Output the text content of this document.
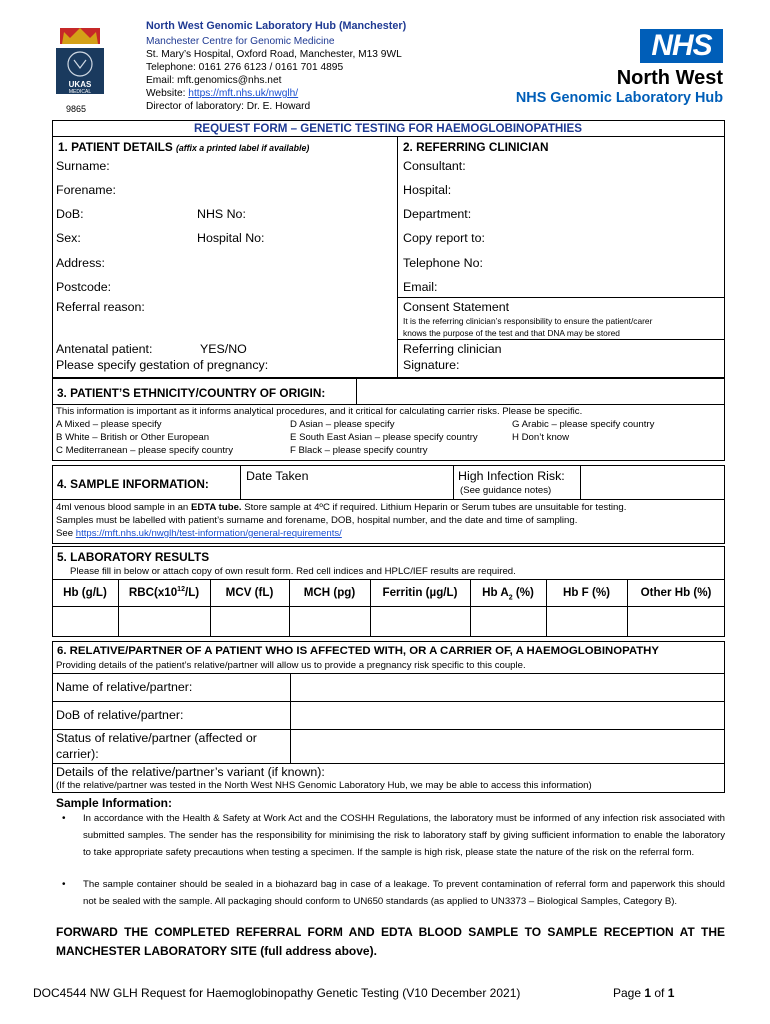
UKAS
MEDICAL
9865
North West Genomic Laboratory Hub (Manchester)
Manchester Centre for Genomic Medicine
St. Mary’s Hospital, Oxford Road, Manchester, M13 9WL
Telephone: 0161 276 6123 / 0161 701 4895
Email: mft.genomics@nhs.net
Website: https://mft.nhs.uk/nwglh/
Director of laboratory: Dr. E. Howard
NHS
North West
NHS Genomic Laboratory Hub
REQUEST FORM – GENETIC TESTING FOR HAEMOGLOBINOPATHIES
1. PATIENT DETAILS (affix a printed label if available)
Surname:
Forename:
DoB:	NHS No:
Sex:	Hospital No:
Address:
Postcode:
Referral reason:
Antenatal patient:	YES/NO
Please specify gestation of pregnancy:
2. REFERRING CLINICIAN
Consultant:
Hospital:
Department:
Copy report to:
Telephone No:
Email:
Consent Statement
It is the referring clinician’s responsibility to ensure the patient/carer
knows the purpose of the test and that DNA may be stored
Referring clinician
Signature:
3. PATIENT’S ETHNICITY/COUNTRY OF ORIGIN:
This information is important as it informs analytical procedures, and it critical for calculating carrier risks. Please be specific.
A Mixed – please specify
B White – British or Other European
C Mediterranean – please specify country
D Asian – please specify
E South East Asian – please specify country
F Black – please specify country
G Arabic – please specify country
H Don’t know
4. SAMPLE INFORMATION:
Date Taken	High Infection Risk:
(See guidance notes)
4ml venous blood sample in an EDTA tube. Store sample at 4ºC if required. Lithium Heparin or Serum tubes are unsuitable for testing.
Samples must be labelled with patient’s surname and forename, DOB, hospital number, and the date and time of sampling.
See https://mft.nhs.uk/nwglh/test-information/general-requirements/
5. LABORATORY RESULTS
Please fill in below or attach copy of own result form. Red cell indices and HPLC/IEF results are required.
Hb (g/L)	$RBC(x10^{12}/L)$	MCV (fL)	MCH (pg)	Ferritin (µg/L)	Hb $A_2$ (%)	Hb F (%)	Other Hb (%)
6. RELATIVE/PARTNER OF A PATIENT WHO IS AFFECTED WITH, OR A CARRIER OF, A HAEMOGLOBINOPATHY
Providing details of the patient’s relative/partner will allow us to provide a pregnancy risk specific to this couple.
Name of relative/partner:
DoB of relative/partner:
Status of relative/partner (affected or
carrier):
Details of the relative/partner’s variant (if known):
(If the relative/partner was tested in the North West NHS Genomic Laboratory Hub, we may be able to access this information)
Sample Information:
• In accordance with the Health & Safety at Work Act and the COSHH Regulations, the laboratory must be informed of any infection risk associated with submitted samples. The sender has the responsibility for minimising the risk to laboratory staff by giving sufficient information to enable the laboratory to take appropriate safety precautions when testing a specimen. If the sample is high risk, please state the nature of the risk on the referral form.
• The sample container should be sealed in a biohazard bag in case of a leakage. To prevent contamination of referral form and paperwork this should not be sealed with the sample. All packaging should conform to UN650 standards (as applied to UN3373 – Biological Samples, Category B).
FORWARD THE COMPLETED REFERRAL FORM AND EDTA BLOOD SAMPLE TO SAMPLE RECEPTION AT THE MANCHESTER LABORATORY SITE (full address above).
DOC4544 NW GLH Request for Haemoglobinopathy Genetic Testing (V10 December 2021)	Page 1 of 1
